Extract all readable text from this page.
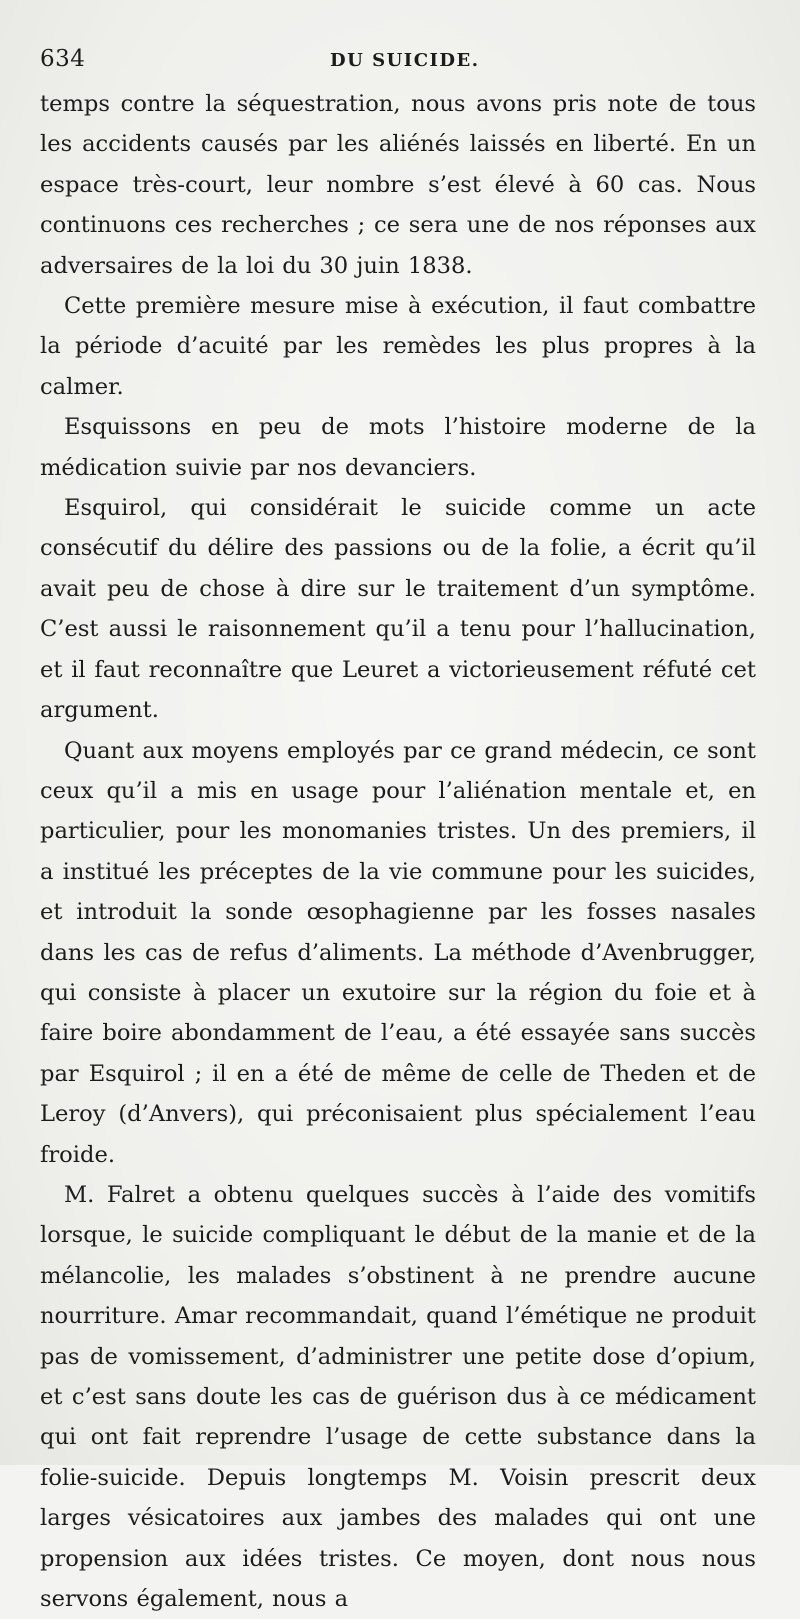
634	DU SUICIDE.

temps contre la séquestration, nous avons pris note de tous les accidents causés par les aliénés laissés en liberté. En un espace très-court, leur nombre s’est élevé à 60 cas. Nous continuons ces recherches ; ce sera une de nos réponses aux adversaires de la loi du 30 juin 1838.

Cette première mesure mise à exécution, il faut combattre la période d’acuité par les remèdes les plus propres à la calmer.

Esquissons en peu de mots l’histoire moderne de la médication suivie par nos devanciers.

Esquirol, qui considérait le suicide comme un acte consécutif du délire des passions ou de la folie, a écrit qu’il avait peu de chose à dire sur le traitement d’un symptôme. C’est aussi le raisonnement qu’il a tenu pour l’hallucination, et il faut reconnaître que Leuret a victorieusement réfuté cet argument.

Quant aux moyens employés par ce grand médecin, ce sont ceux qu’il a mis en usage pour l’aliénation mentale et, en particulier, pour les monomanies tristes. Un des premiers, il a institué les préceptes de la vie commune pour les suicides, et introduit la sonde œsophagienne par les fosses nasales dans les cas de refus d’aliments. La méthode d’Avenbrugger, qui consiste à placer un exutoire sur la région du foie et à faire boire abondamment de l’eau, a été essayée sans succès par Esquirol ; il en a été de même de celle de Theden et de Leroy (d’Anvers), qui préconisaient plus spécialement l’eau froide.

M. Falret a obtenu quelques succès à l’aide des vomitifs lorsque, le suicide compliquant le début de la manie et de la mélancolie, les malades s’obstinent à ne prendre aucune nourriture. Amar recommandait, quand l’émétique ne produit pas de vomissement, d’administrer une petite dose d’opium, et c’est sans doute les cas de guérison dus à ce médicament qui ont fait reprendre l’usage de cette substance dans la folie-suicide. Depuis longtemps M. Voisin prescrit deux larges vésicatoires aux jambes des malades qui ont une propension aux idées tristes. Ce moyen, dont nous nous servons également, nous a
